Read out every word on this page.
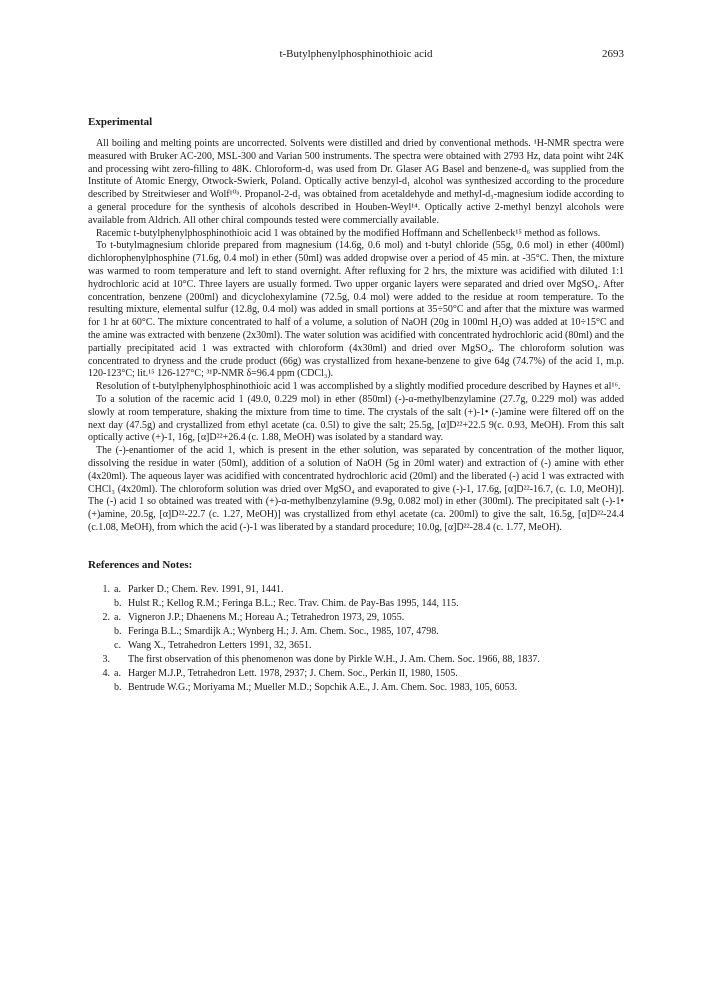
t-Butylphenylphosphinothioic acid	2693
Experimental

All boiling and melting points are uncorrected. Solvents were distilled and dried by conventional methods. ¹H-NMR spectra were measured with Bruker AC-200, MSL-300 and Varian 500 instruments. The spectra were obtained with 2793 Hz, data point wiht 24K and processing wiht zero-filling to 48K. Chloroform-d₁ was used from Dr. Glaser AG Basel and benzene-d₆ was supplied from the Institute of Atomic Energy, Otwock-Swierk, Poland. Optically active benzyl-d₁ alcohol was synthesized according to the procedure described by Streitwieser and Wolf¹⁰ᵃ. Propanol-2-d₁ was obtained from acetaldehyde and methyl-d₃-magnesium iodide according to a general procedure for the synthesis of alcohols described in Houben-Weyl¹⁴. Optically active 2-methyl benzyl alcohols were available from Aldrich. All other chiral compounds tested were commercially available.

Racemic t-butylphenylphosphinothioic acid 1 was obtained by the modified Hoffmann and Schellenbeck¹⁵ method as follows.

To t-butylmagnesium chloride prepared from magnesium (14.6g, 0.6 mol) and t-butyl chloride (55g, 0.6 mol) in ether (400ml) dichlorophenylphosphine (71.6g, 0.4 mol) in ether (50ml) was added dropwise over a period of 45 min. at -35°C. Then, the mixture was warmed to room temperature and left to stand overnight. After refluxing for 2 hrs, the mixture was acidified with diluted 1:1 hydrochloric acid at 10°C. Three layers are usually formed. Two upper organic layers were separated and dried over MgSO₄. After concentration, benzene (200ml) and dicyclohexylamine (72.5g, 0.4 mol) were added to the residue at room temperature. To the resulting mixture, elemental sulfur (12.8g, 0.4 mol) was added in small portions at 35÷50°C and after that the mixture was warmed for 1 hr at 60°C. The mixture concentrated to half of a volume, a solution of NaOH (20g in 100ml H₂O) was added at 10÷15°C and the amine was extracted with benzene (2x30ml). The water solution was acidified with concentrated hydrochloric acid (80ml) and the partially precipitated acid 1 was extracted with chloroform (4x30ml) and dried over MgSO₄. The chloroform solution was concentrated to dryness and the crude product (66g) was crystallized from hexane-benzene to give 64g (74.7%) of the acid 1, m.p. 120-123°C; lit.¹⁵ 126-127°C; ³¹P-NMR δ=96.4 ppm (CDCl₃).

Resolution of t-butylphenylphosphinothioic acid 1 was accomplished by a slightly modified procedure described by Haynes et al¹⁶.

To a solution of the racemic acid 1 (49.0, 0.229 mol) in ether (850ml) (-)-α-methylbenzylamine (27.7g, 0.229 mol) was added slowly at room temperature, shaking the mixture from time to time. The crystals of the salt (+)-1• (-)amine were filtered off on the next day (47.5g) and crystallized from ethyl acetate (ca. 0.5l) to give the salt; 25.5g, [α]D²²+22.5 9(c. 0.93, MeOH). From this salt optically active (+)-1, 16g, [α]D²²+26.4 (c. 1.88, MeOH) was isolated by a standard way.

The (-)-enantiomer of the acid 1, which is present in the ether solution, was separated by concentration of the mother liquor, dissolving the residue in water (50ml), addition of a solution of NaOH (5g in 20ml water) and extraction of (-) amine with ether (4x20ml). The aqueous layer was acidified with concentrated hydrochloric acid (20ml) and the liberated (-) acid 1 was extracted with CHCl₃ (4x20ml). The chloroform solution was dried over MgSO₄ and evaporated to give (-)-1, 17.6g, [α]D²²-16.7, (c. 1.0, MeOH)]. The (-) acid 1 so obtained was treated with (+)-α-methylbenzylamine (9.9g, 0.082 mol) in ether (300ml). The precipitated salt (-)-1• (+)amine, 20.5g, [α]D²²-22.7 (c. 1.27, MeOH)] was crystallized from ethyl acetate (ca. 200ml) to give the salt, 16.5g, [α]D²²-24.4 (c.1.08, MeOH), from which the acid (-)-1 was liberated by a standard procedure; 10.0g, [α]D²²-28.4 (c. 1.77, MeOH).

References and Notes:
1. a. Parker D.; Chem. Rev. 1991, 91, 1441.
b. Hulst R.; Kellog R.M.; Feringa B.L.; Rec. Trav. Chim. de Pay-Bas 1995, 144, 115.
2. a. Vigneron J.P.; Dhaenens M.; Horeau A.; Tetrahedron 1973, 29, 1055.
b. Feringa B.L.; Smardijk A.; Wynberg H.; J. Am. Chem. Soc., 1985, 107, 4798.
c. Wang X., Tetrahedron Letters 1991, 32, 3651.
3.	The first observation of this phenomenon was done by Pirkle W.H., J. Am. Chem. Soc. 1966, 88, 1837.
4. a. Harger M.J.P., Tetrahedron Lett. 1978, 2937; J. Chem. Soc., Perkin II, 1980, 1505.
b. Bentrude W.G.; Moriyama M.; Mueller M.D.; Sopchik A.E., J. Am. Chem. Soc. 1983, 105, 6053.
